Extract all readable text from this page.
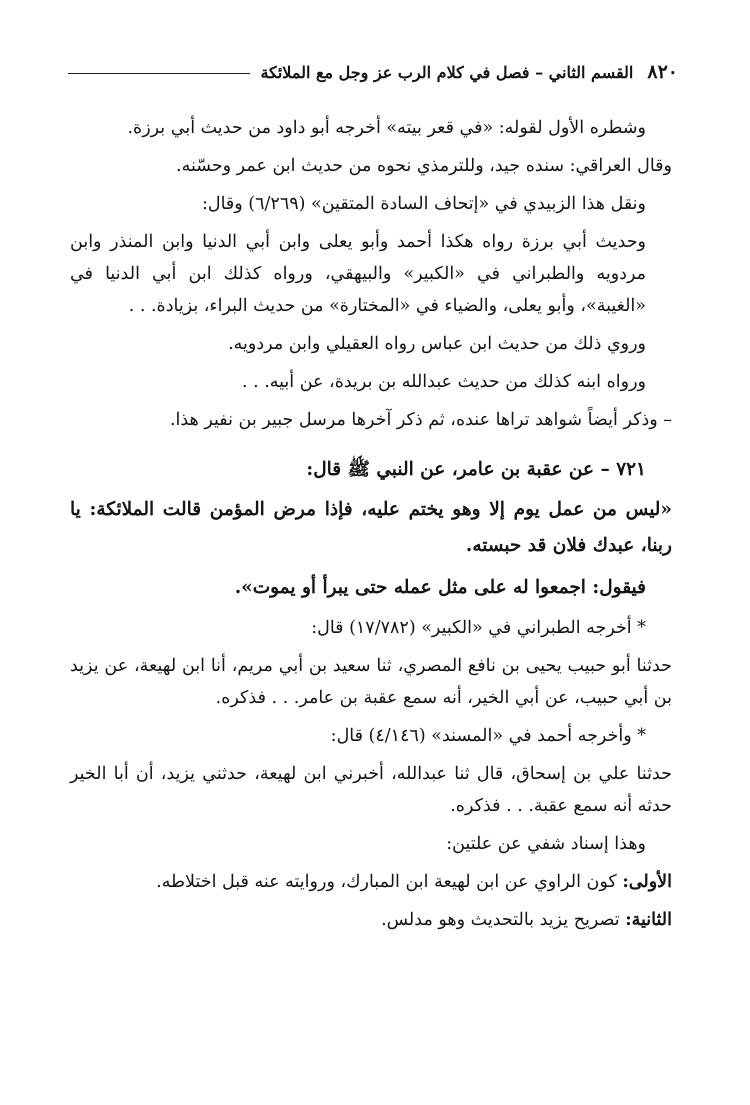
٨٢٠
القسم الثاني – فصل في كلام الرب عز وجل مع الملائكة

وشطره الأول لقوله: «في قعر بيته» أخرجه أبو داود من حديث أبي برزة.

وقال العراقي: سنده جيد، وللترمذي نحوه من حديث ابن عمر وحسّنه.

ونقل هذا الزبيدي في «إتحاف السادة المتقين» (٦/٢٦٩) وقال:

وحديث أبي برزة رواه هكذا أحمد وأبو يعلى وابن أبي الدنيا وابن المنذر وابن مردويه والطبراني في «الكبير» والبيهقي، ورواه كذلك ابن أبي الدنيا في «الغيبة»، وأبو يعلى، والضياء في «المختارة» من حديث البراء، بزيادة. . .

وروي ذلك من حديث ابن عباس رواه العقيلي وابن مردويه.

ورواه ابنه كذلك من حديث عبدالله بن بريدة، عن أبيه. . .

– وذكر أيضاً شواهد تراها عنده، ثم ذكر آخرها مرسل جبير بن نفير هذا.

٧٢١ – عن عقبة بن عامر، عن النبي ﷺ قال:

«ليس من عمل يوم إلا وهو يختم عليه، فإذا مرض المؤمن قالت الملائكة: يا ربنا، عبدك فلان قد حبسته.

فيقول: اجمعوا له على مثل عمله حتى يبرأ أو يموت».

* أخرجه الطبراني في «الكبير» (١٧/٧٨٢) قال:

حدثنا أبو حبيب يحيى بن نافع المصري، ثنا سعيد بن أبي مريم، أنا ابن لهيعة، عن يزيد بن أبي حبيب، عن أبي الخير، أنه سمع عقبة بن عامر. . . فذكره.

* وأخرجه أحمد في «المسند» (٤/١٤٦) قال:

حدثنا علي بن إسحاق، قال ثنا عبدالله، أخبرني ابن لهيعة، حدثني يزيد، أن أبا الخير حدثه أنه سمع عقبة. . . فذكره.

وهذا إسناد شفي عن علتين:

الأولى: كون الراوي عن ابن لهيعة ابن المبارك، وروايته عنه قبل اختلاطه.

الثانية: تصريح يزيد بالتحديث وهو مدلس.
